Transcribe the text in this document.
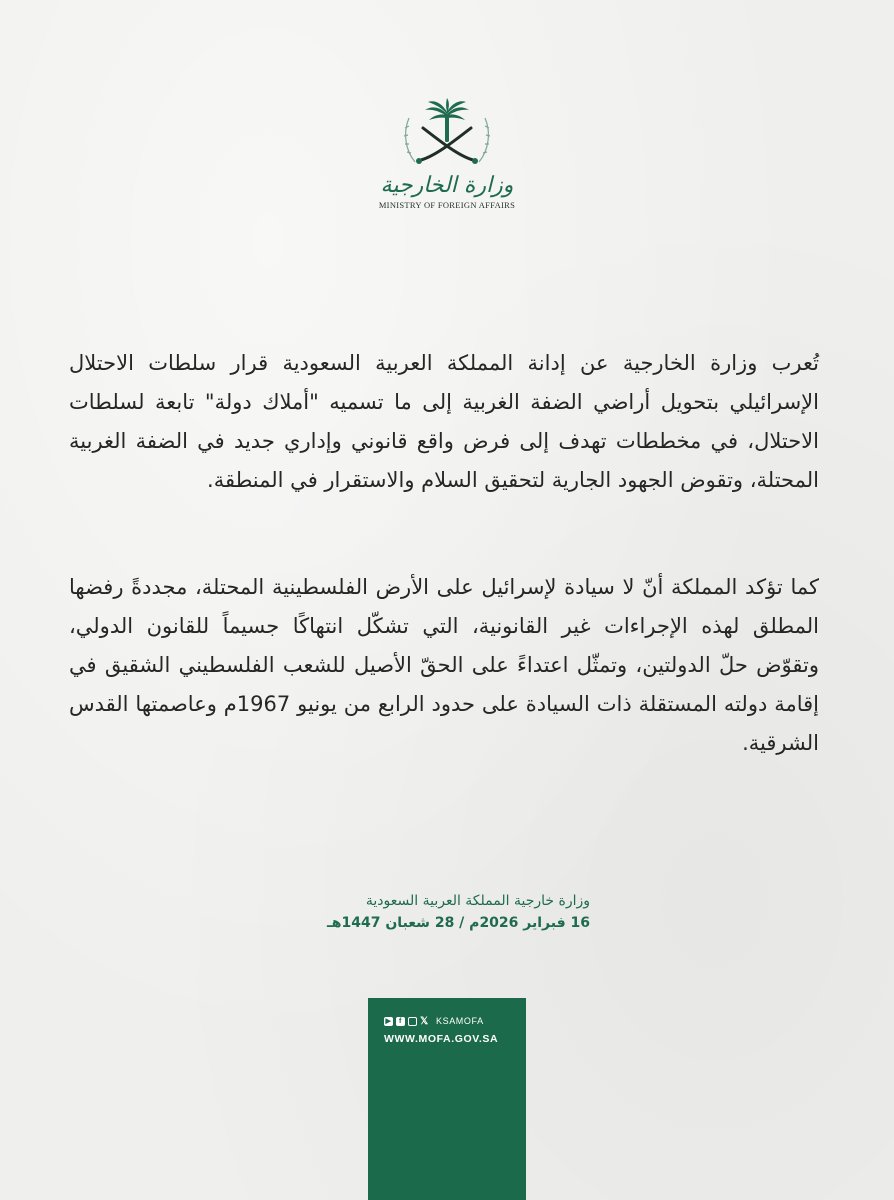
وزارة الخارجية
MINISTRY OF FOREIGN AFFAIRS
تُعرب وزارة الخارجية عن إدانة المملكة العربية السعودية قرار سلطات الاحتلال الإسرائيلي بتحويل أراضي الضفة الغربية إلى ما تسميه "أملاك دولة" تابعة لسلطات الاحتلال، في مخططات تهدف إلى فرض واقع قانوني وإداري جديد في الضفة الغربية المحتلة، وتقوض الجهود الجارية لتحقيق السلام والاستقرار في المنطقة.
كما تؤكد المملكة أنّ لا سيادة لإسرائيل على الأرض الفلسطينية المحتلة، مجددةً رفضها المطلق لهذه الإجراءات غير القانونية، التي تشكّل انتهاكًا جسيماً للقانون الدولي، وتقوّض حلّ الدولتين، وتمثّل اعتداءً على الحقّ الأصيل للشعب الفلسطيني الشقيق في إقامة دولته المستقلة ذات السيادة على حدود الرابع من يونيو 1967م وعاصمتها القدس الشرقية.
وزارة خارجية المملكة العربية السعودية
16 فبراير 2026م / 28 شعبان 1447هـ
▶	f	𝕏 KSAMOFA
WWW.MOFA.GOV.SA
